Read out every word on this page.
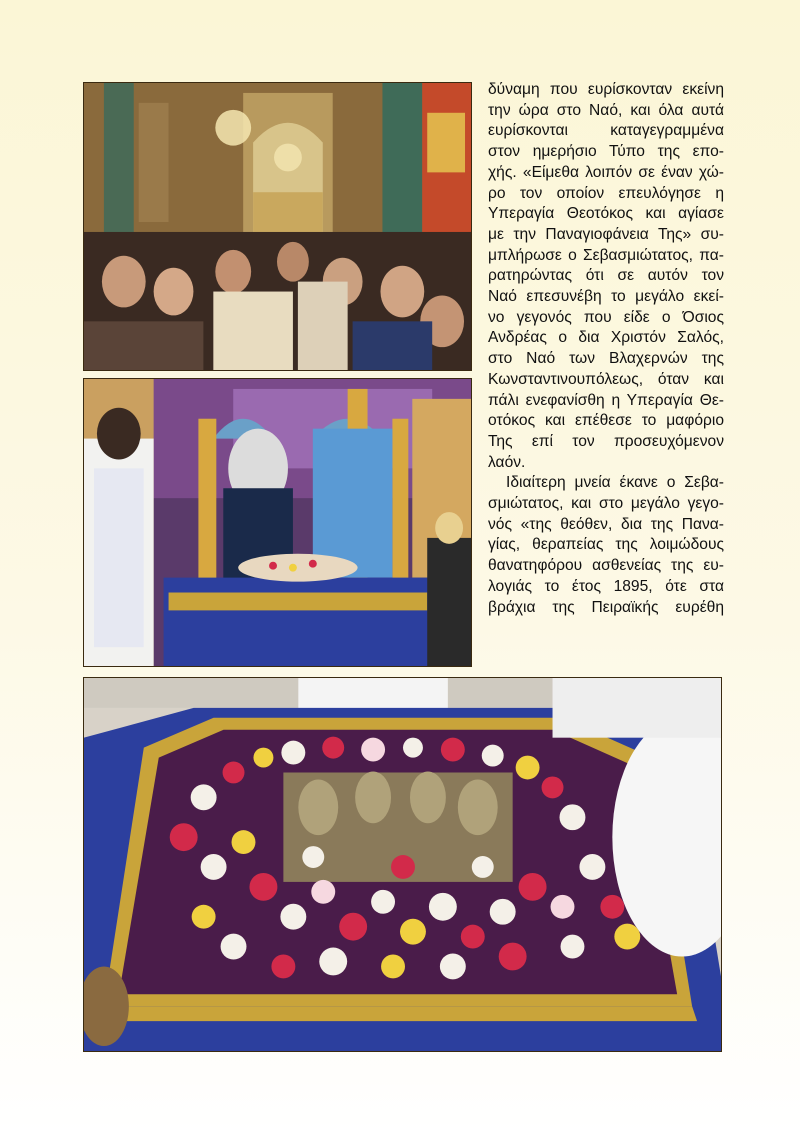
δύναμη που ευρίσκονταν εκείνη
την ώρα στο Ναό, και όλα αυτά
ευρίσκονται    καταγεγραμμένα
στον ημερήσιο Τύπο της επο-
χής. «Είμεθα λοιπόν σε έναν χώ-
ρο τον οποίον επευλόγησε η
Υπεραγία Θεοτόκος και αγίασε
με την Παναγιοφάνεια Της» συ-
μπλήρωσε ο Σεβασμιώτατος, πα-
ρατηρώντας ότι σε αυτόν τον
Ναό επεσυνέβη το μεγάλο εκεί-
νο γεγονός που είδε ο Όσιος
Ανδρέας ο δια Χριστόν Σαλός,
στο Ναό των Βλαχερνών της
Κωνσταντινουπόλεως, όταν και
πάλι ενεφανίσθη η Υπεραγία Θε-
οτόκος και επέθεσε το μαφόριο
Της επί τον προσευχόμενον
λαόν.

Ιδιαίτερη μνεία έκανε ο Σεβα-
σμιώτατος, και στο μεγάλο γεγο-
νός «της θεόθεν, δια της Πανα-
γίας, θεραπείας της λοιμώδους
θανατηφόρου ασθενείας της ευ-
λογιάς το έτος 1895, ότε στα
βράχια της Πειραϊκής ευρέθη
